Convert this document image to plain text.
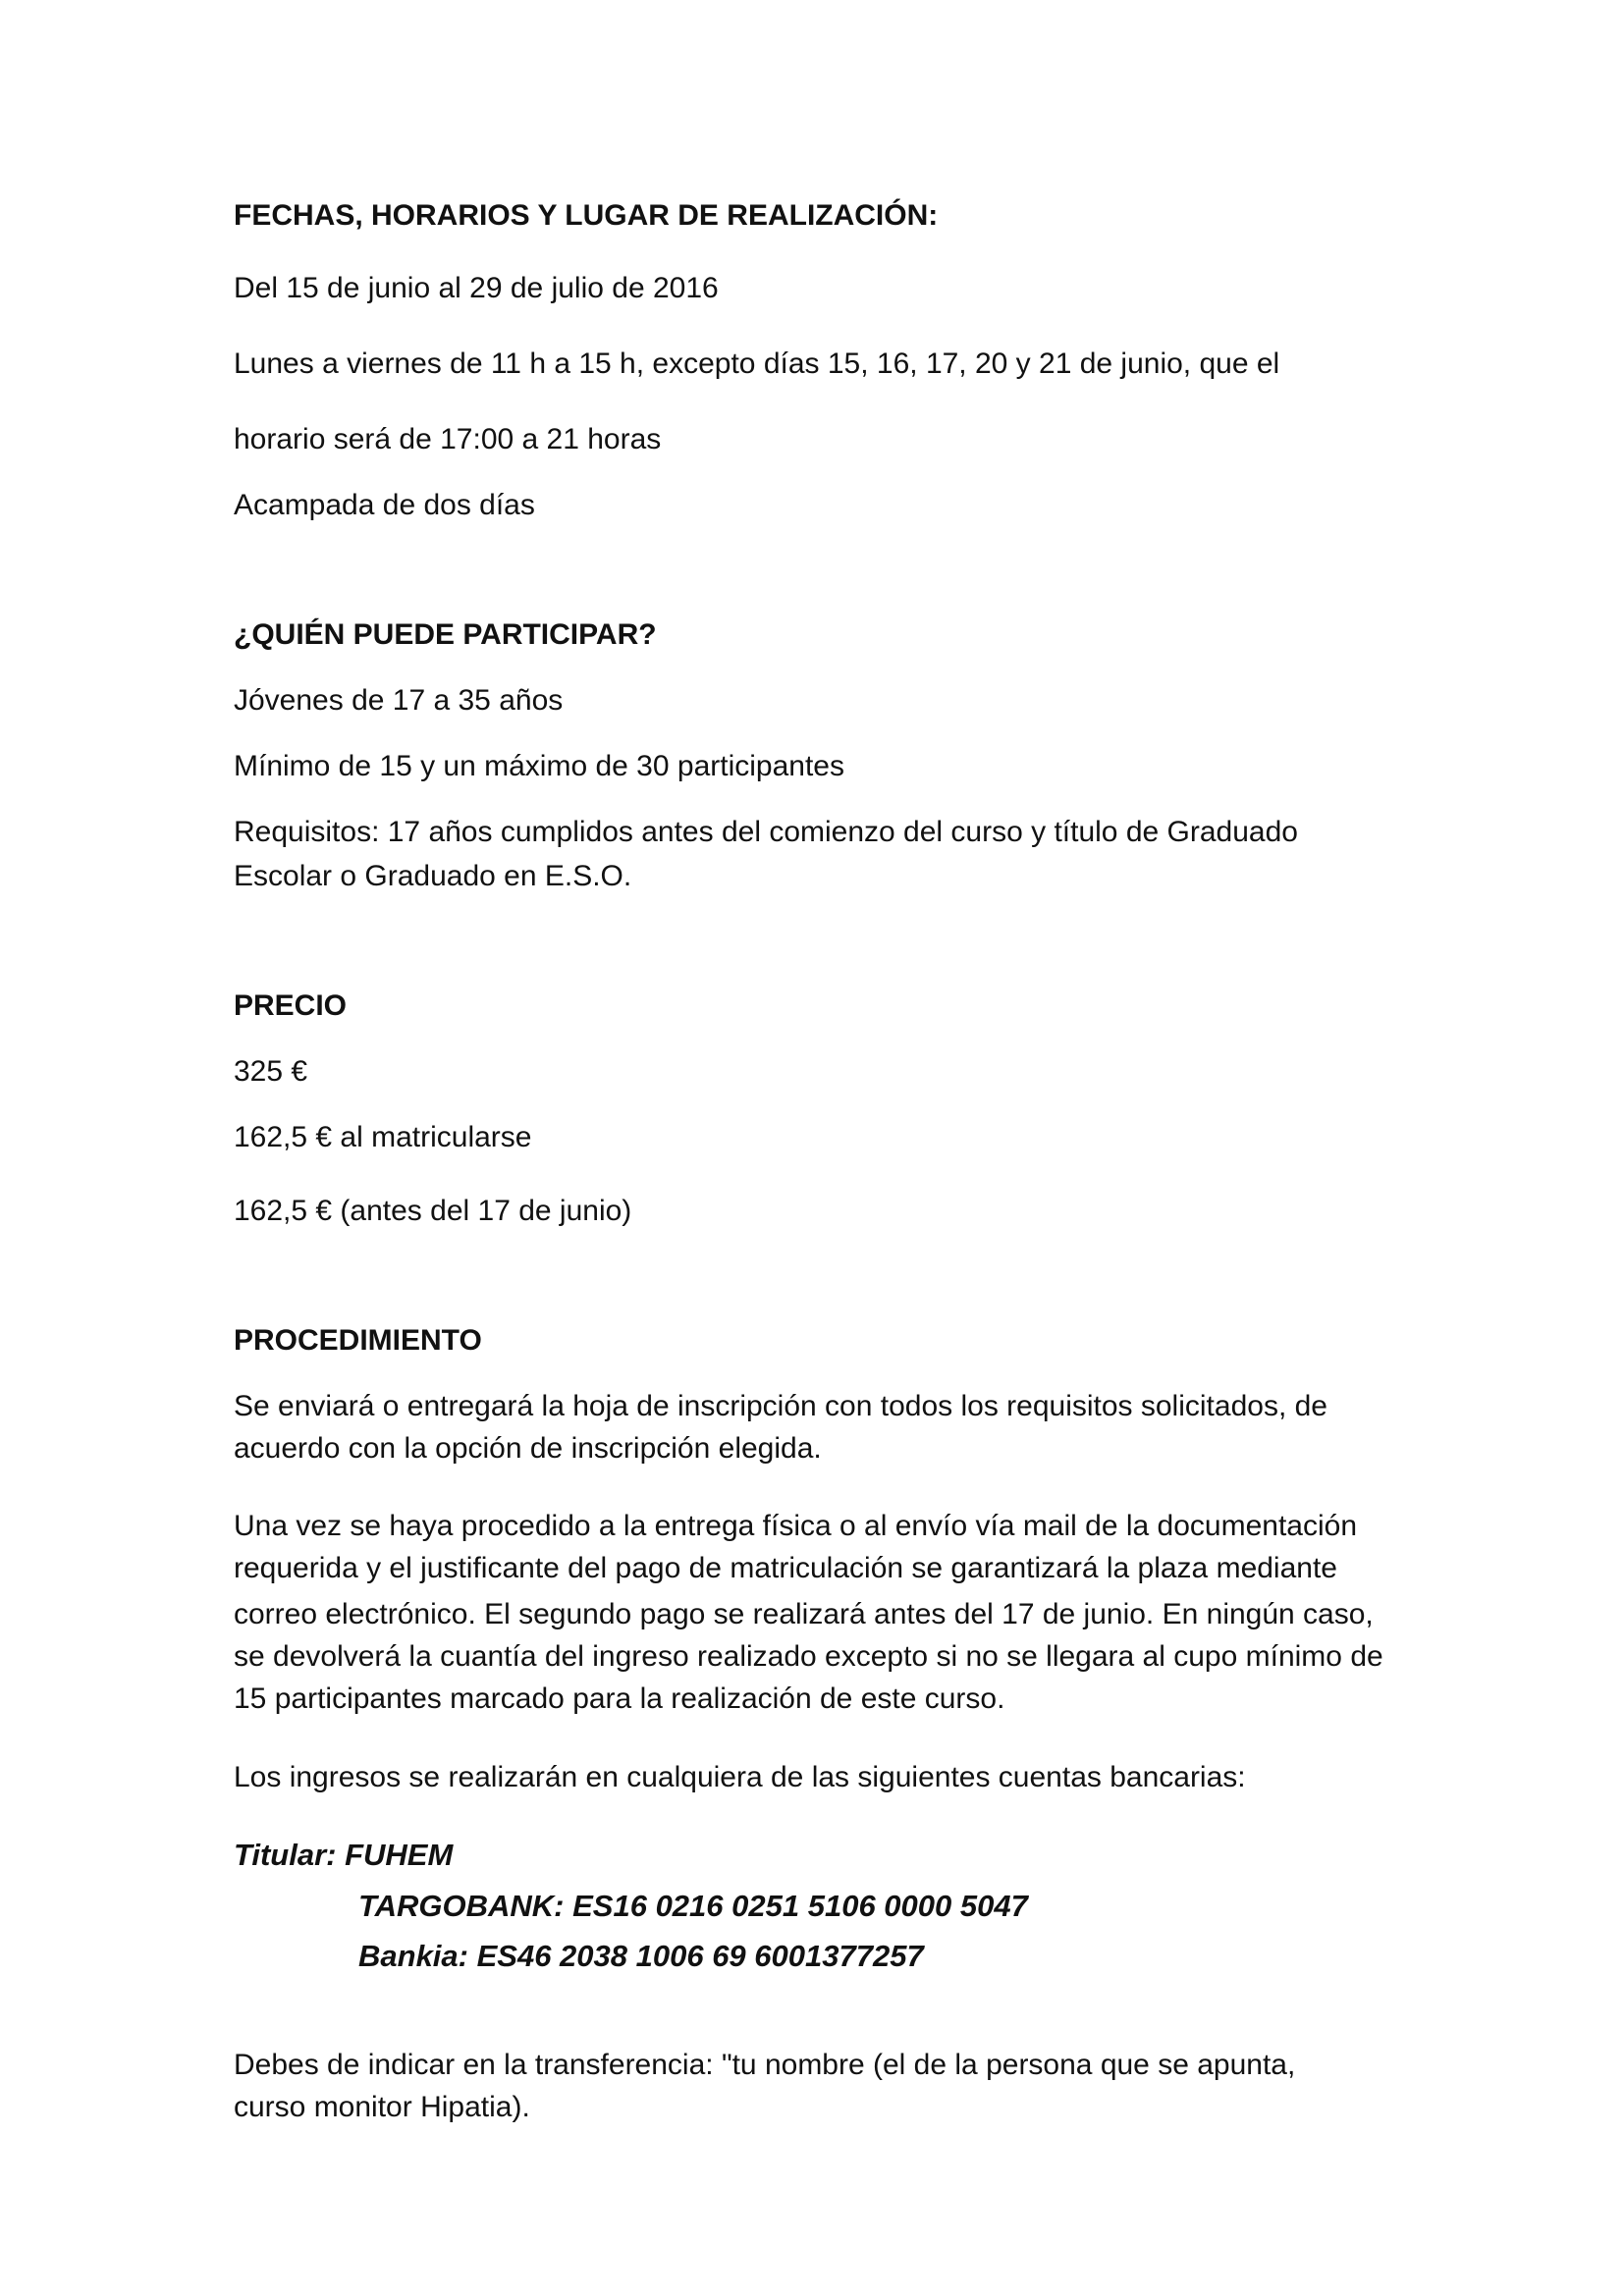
FECHAS, HORARIOS Y LUGAR DE REALIZACIÓN:

Del 15 de junio al 29 de julio de 2016

Lunes a viernes de 11 h a 15 h, excepto días 15, 16, 17, 20 y 21 de junio, que el

horario será de 17:00 a 21 horas

Acampada de dos días

¿QUIÉN PUEDE PARTICIPAR?

Jóvenes de 17 a 35 años

Mínimo de 15 y un máximo de 30 participantes

Requisitos: 17 años cumplidos antes del comienzo del curso y título de Graduado

Escolar o Graduado en E.S.O.

PRECIO

325 €

162,5 € al matricularse

162,5 € (antes del 17 de junio)

PROCEDIMIENTO

Se enviará o entregará la hoja de inscripción con todos los requisitos solicitados, de

acuerdo con la opción de inscripción elegida.

Una vez se haya procedido a la entrega física o al envío vía mail de la documentación

requerida y el justificante del pago de matriculación se garantizará la plaza mediante

correo electrónico. El segundo pago se realizará antes del 17 de junio. En ningún caso,

se devolverá la cuantía del ingreso realizado excepto si no se llegara al cupo mínimo de

15 participantes marcado para la realización de este curso.

Los ingresos se realizarán en cualquiera de las siguientes cuentas bancarias:

Titular: FUHEM

TARGOBANK: ES16 0216 0251 5106 0000 5047

Bankia: ES46 2038 1006 69 6001377257

Debes de indicar en la transferencia: "tu nombre (el de la persona que se apunta,

curso monitor Hipatia).
